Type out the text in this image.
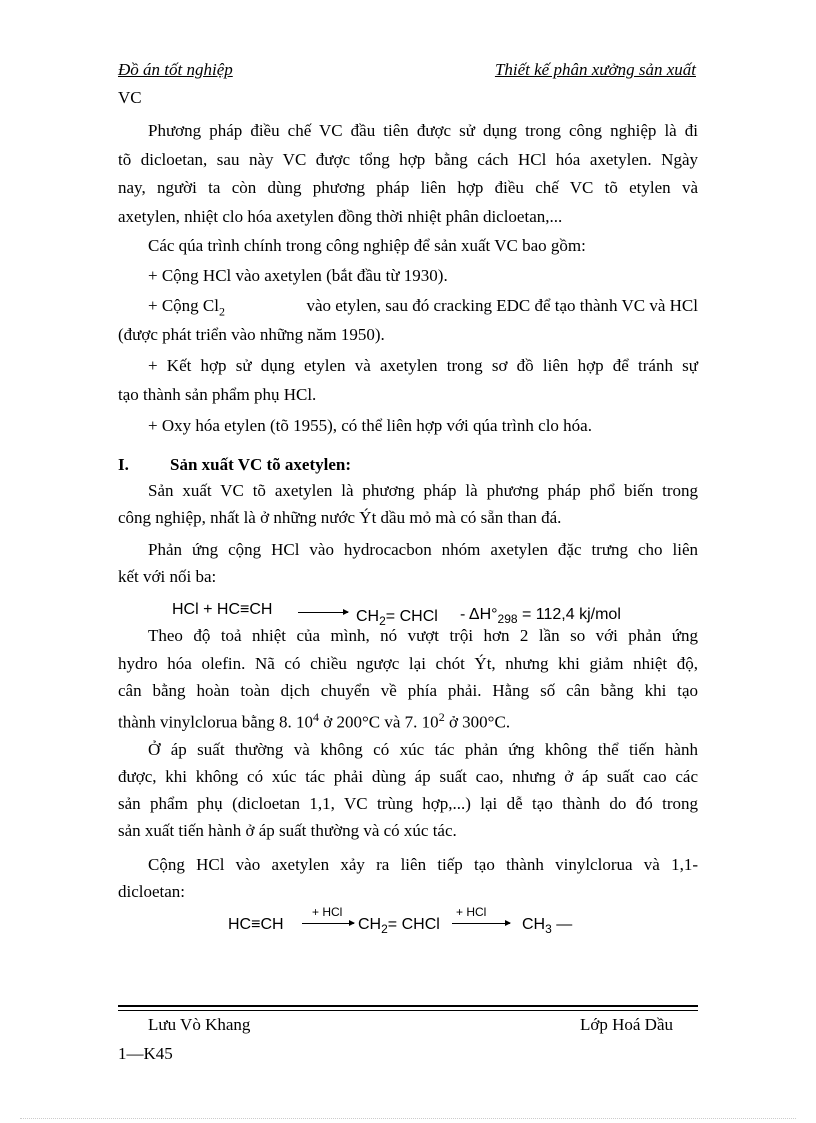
Đồ án tốt nghiệp	Thiết kế phân xưởng sản xuất
VC
Phương pháp điều chế VC đầu tiên được sử dụng trong công nghiệp là đi
tõ dicloetan, sau này VC được tổng hợp bằng cách HCl hóa axetylen. Ngày
nay, người ta còn dùng phương pháp liên hợp điều chế VC tõ etylen và
axetylen, nhiệt clo hóa axetylen đồng thời nhiệt phân dicloetan,...
Các qúa trình chính trong công nghiệp để sản xuất VC bao gồm:
+ Cộng HCl vào axetylen (bắt đầu từ 1930).
+ Cộng $Cl_2$	vào etylen, sau đó cracking EDC để tạo thành VC và HCl
(được phát triển vào những năm 1950).
+ Kết hợp sử dụng etylen và axetylen trong sơ đồ liên hợp để tránh sự
tạo thành sản phẩm phụ HCl.
+ Oxy hóa etylen (tõ 1955), có thể liên hợp với qúa trình clo hóa.
I. Sản xuất VC tõ axetylen:
Sản xuất VC tõ axetylen là phương pháp là phương pháp phổ biến trong
công nghiệp, nhất là ở những nước Ýt dầu mỏ mà có sẵn than đá.
Phản ứng cộng HCl vào hydrocacbon nhóm axetylen đặc trưng cho liên
kết với nối ba:
HCl + $HC\equiv CH \to CH_2=$ CHCl - $\Delta H^\circ_{298} = 112,4$ kj/mol
Theo độ toả nhiệt của mình, nó vượt trội hơn 2 lần so với phản ứng
hydro hóa olefin. Nã có chiều ngược lại chót Ýt, nhưng khi giảm nhiệt độ,
cân bằng hoàn toàn dịch chuyển về phía phải. Hằng số cân bằng khi tạo
thành vinylclorua bằng 8. $10^4$ ở 200°C và 7. $10^2$ ở 300°C.
Ở áp suất thường và không có xúc tác phản ứng không thể tiến hành
được, khi không có xúc tác phải dùng áp suất cao, nhưng ở áp suất cao các
sản phẩm phụ (dicloetan 1,1, VC trùng hợp,...) lại dễ tạo thành do đó trong
sản xuất tiến hành ở áp suất thường và có xúc tác.
Cộng HCl vào axetylen xảy ra liên tiếp tạo thành vinylclorua và 1,1-
dicloetan:
HC≡CH
+ HCl
→ $CH_2=$ CHCl
+ HCl
→ $CH_3$ —
Lưu Vò Khang	Lớp Hoá Dầu
1—K45
